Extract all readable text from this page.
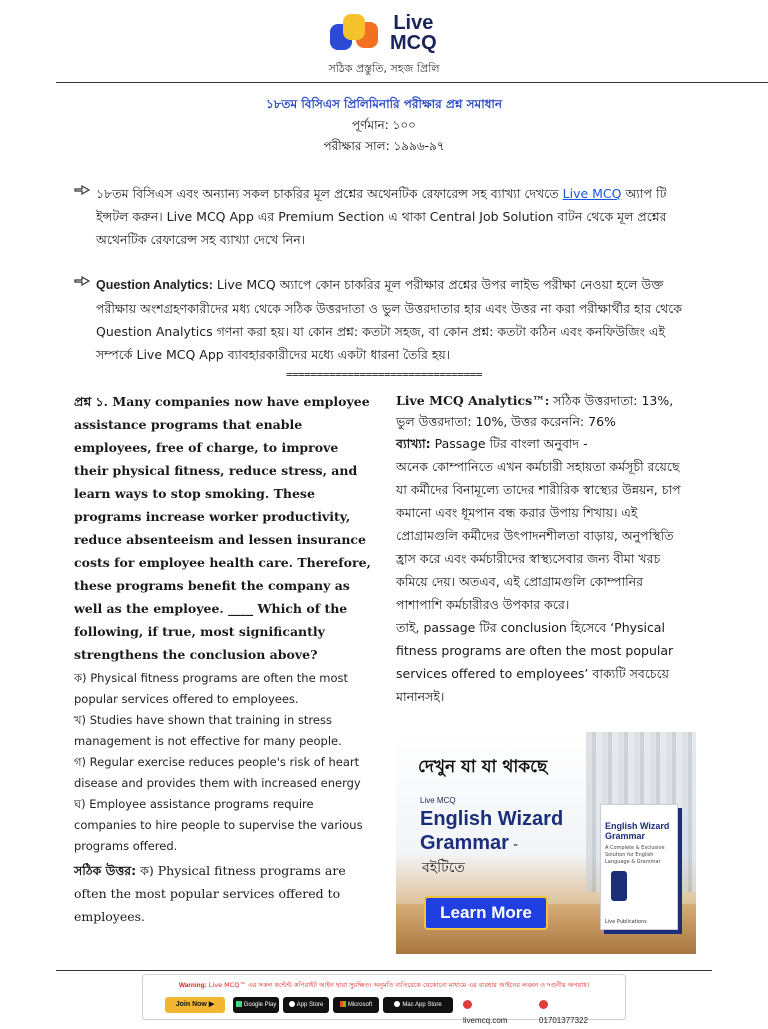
Live
MCQ
সঠিক প্রস্তুতি, সহজ প্রিলি
১৮তম বিসিএস প্রিলিমিনারি পরীক্ষার প্রশ্ন সমাধান
পূর্ণমান: ১০০
পরীক্ষার সাল: ১৯৯৬-৯৭
১৮তম বিসিএস এবং অন্যান্য সকল চাকরির মূল প্রশ্নের অথেনটিক রেফারেন্স সহ ব্যাখ্যা দেখতে Live MCQ অ্যাপ টি ইন্সটল করুন। Live MCQ App এর Premium Section এ থাকা Central Job Solution বাটন থেকে মূল প্রশ্নের অথেনটিক রেফারেন্স সহ ব্যাখ্যা দেখে নিন।
Question Analytics: Live MCQ অ্যাপে কোন চাকরির মূল পরীক্ষার প্রশ্নের উপর লাইভ পরীক্ষা নেওয়া হলে উক্ত পরীক্ষায় অংশগ্রহণকারীদের মধ্য থেকে সঠিক উত্তরদাতা ও ভুল উত্তরদাতার হার এবং উত্তর না করা পরীক্ষার্থীর হার থেকে Question Analytics গণনা করা হয়। যা কোন প্রশ্ন: কতটা সহজ, বা কোন প্রশ্ন: কতটা কঠিন এবং কনফিউজিং এই সম্পর্কে Live MCQ App ব্যাবহারকারীদের মধ্যে একটা ধারনা তৈরি হয়।
================================
প্রশ্ন ১. Many companies now have employee assistance programs that enable employees, free of charge, to improve their physical fitness, reduce stress, and learn ways to stop smoking. These programs increase worker productivity, reduce absenteeism and lessen insurance costs for employee health care. Therefore, these programs benefit the company as well as the employee. ____ Which of the following, if true, most significantly strengthens the conclusion above?
ক) Physical fitness programs are often the most popular services offered to employees.
খ) Studies have shown that training in stress management is not effective for many people.
গ) Regular exercise reduces people's risk of heart disease and provides them with increased energy
ঘ) Employee assistance programs require companies to hire people to supervise the various programs offered.
সঠিক উত্তর: ক) Physical fitness programs are often the most popular services offered to employees.
Live MCQ Analytics™: সঠিক উত্তরদাতা: 13%, ভুল উত্তরদাতা: 10%, উত্তর করেননি: 76%
ব্যাখ্যা: Passage টির বাংলা অনুবাদ -
অনেক কোম্পানিতে এখন কর্মচারী সহায়তা কর্মসূচী রয়েছে যা কর্মীদের বিনামূল্যে তাদের শারীরিক স্বাস্থ্যের উন্নয়ন, চাপ কমানো এবং ধূমপান বন্ধ করার উপায় শিখায়। এই প্রোগ্রামগুলি কর্মীদের উৎপাদনশীলতা বাড়ায়, অনুপস্থিতি হ্রাস করে এবং কর্মচারীদের স্বাস্থ্যসেবার জন্য বীমা খরচ কমিয়ে দেয়। অতএব, এই প্রোগ্রামগুলি কোম্পানির পাশাপাশি কর্মচারীরও উপকার করে।
তাই, passage টির conclusion হিসেবে ‘Physical fitness programs are often the most popular services offered to employees’ বাক্যটি সবচেয়ে মানানসই।
দেখুন যা যা থাকছে
Live MCQ
English Wizard
Grammar -
বইটিতে
Learn More
English Wizard Grammar
A Complete & Exclusive Solution for English Language & Grammar
Live Publications
Warning: Live MCQ™ এর সকল কন্টেন্ট কপিরাইট আইন দ্বারা সুরক্ষিত। অনুমতি ব্যতিরেকে যেকোনো মাধ্যমে এর ব্যবহার আইনের লঙ্ঘন ও দণ্ডনীয় অপরাধ।
Join Now ▶	Google Play	App Store	Microsoft	Mac App Store
livemcq.com	01701377322
